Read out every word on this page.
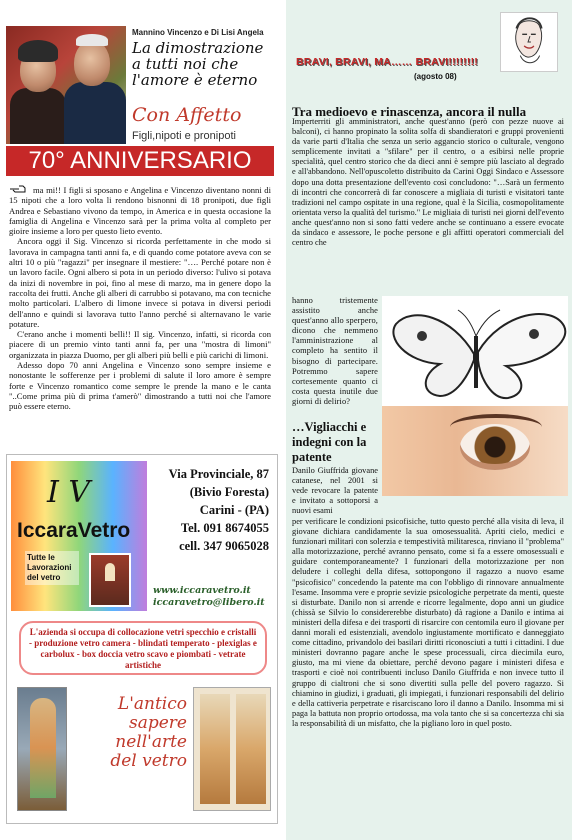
Mannino Vincenzo e Di Lisi Angela
La dimostrazione a tutti noi che l'amore è eterno
Con Affetto
Figli,nipoti e pronipoti
70° ANNIVERSARIO

ma mi!! I figli si sposano e Angelina e Vincenzo diventano nonni di 15 nipoti che a loro volta li rendono bisnonni di 18 pronipoti, due figli Andrea e Sebastiano vivono da tempo, in America e in questa occasione la famiglia di Angelina e Vincenzo sarà per la prima volta al completo per gioire insieme a loro per questo lieto evento.

Ancora oggi il Sig. Vincenzo si ricorda perfettamente in che modo si lavorava in campagna tanti anni fa, e di quando come potatore aveva con se altri 10 o più "ragazzi" per insegnare il mestiere: "…. Perché potare non è un lavoro facile. Ogni albero si pota in un periodo diverso: l'ulivo si potava da inizi di novembre in poi, fino al mese di marzo, ma in genere dopo la raccolta dei frutti. Anche gli alberi di carrubbo si potavano, ma con tecniche molto particolari. L'albero di limone invece si potava in diversi periodi dell'anno e quindi si lavorava tutto l'anno perché si alternavano le varie potature.

C'erano anche i momenti belli!! Il sig. Vincenzo, infatti, si ricorda con piacere di un premio vinto tanti anni fa, per una "mostra di limoni" organizzata in piazza Duomo, per gli alberi più belli e più carichi di limoni.

Adesso dopo 70 anni Angelina e Vincenzo sono sempre insieme e nonostante le sofferenze per i problemi di salute il loro amore è sempre forte e Vincenzo romantico come sempre le prende la mano e le canta "..Come prima più di prima t'amerò" dimostrando a tutti noi che l'amore può essere eterno.

I V
IccaraVetro
Tutte le Lavorazioni del vetro
Via Provinciale, 87
(Bivio Foresta)
Carini - (PA)
Tel. 091 8674055
cell. 347 9065028
www.iccaravetro.it
iccaravetro@libero.it
L'azienda si occupa di collocazione vetri specchio e cristalli - produzione vetro camera - blindati temperato - plexiglas e carbolux - box doccia vetro scavo e piombati - vetrate artistiche
L'antico sapere nell'arte del vetro
BRAVI, BRAVI, MA…… BRAVI!!!!!!!!
(agosto 08)
Tra medioevo e rinascenza, ancora il nulla
Imperterriti gli amministratori, anche quest'anno (però con pezze nuove ai balconi), ci hanno propinato la solita solfa di sbandieratori e gruppi provenienti da varie parti d'Italia che senza un serio aggancio storico o culturale, vengono semplicemente invitati a "sfilare" per il centro, o a esibirsi nelle proprie specialità, quel centro storico che da dieci anni è sempre più lasciato al degrado e all'abbandono. Nell'opuscoletto distribuito da Carini Oggi Sindaco e Assessore dopo una dotta presentazione dell'evento così concludono: "…Sarà un fermento di incontri che concorrerà di far conoscere a migliaia di turisti e visitatori tante tradizioni nel campo ospitate in una regione, qual è la Sicilia, cosmopolitamente orientata verso la qualità del turismo." Le migliaia di turisti nei giorni dell'evento anche quest'anno non si sono fatti vedere anche se continuano a essere evocate da sindaco e assessore, le poche persone e gli affitti operatori commerciali del centro che
hanno tristemente assistito anche quest'anno allo sperpero, dicono che nemmeno l'amministrazione al completo ha sentito il bisogno di partecipare. Potremmo sapere cortesemente quanto ci costa questa inutile due giorni di delirio?
…Vigliacchi e indegni con la patente
Danilo Giuffrida giovane catanese, nel 2001 si vede revocare la patente e invitato a sottoporsi a nuovi esami
per verificare le condizioni psicofisiche, tutto questo perché alla visita di leva, il giovane dichiara candidamente la sua omosessualità. Apriti cielo, medici e funzionari militari con solerzia e tempestività militaresca, rinviano il "problema" alla motorizzazione, perché avranno pensato, come si fa a essere omosessuali e guidare contemporaneamente? I funzionari della motorizzazione per non deludere i colleghi della difesa, sottopongono il ragazzo a nuovo esame "psicofisico" concedendo la patente ma con l'obbligo di rinnovare annualmente l'esame. Insomma vere e proprie sevizie psicologiche perpetrate da menti, queste si disturbate. Danilo non si arrende e ricorre legalmente, dopo anni un giudice (chissà se Silvio lo considererebbe disturbato) dà ragione a Danilo e intima ai ministeri della difesa e dei trasporti di risarcire con centomila euro il giovane per danni morali ed esistenziali, avendolo ingiustamente mortificato e danneggiato come cittadino, privandolo dei basilari diritti riconosciuti a tutti i cittadini. I due ministeri dovranno pagare anche le spese processuali, circa diecimila euro, giusto, ma mi viene da obiettare, perché devono pagare i ministeri difesa e trasporti e cioè noi contribuenti incluso Danilo Giuffrida e non invece tutto il gruppo di cialtroni che si sono divertiti sulla pelle del povero ragazzo. Si chiamino in giudizi, i graduati, gli impiegati, i funzionari responsabili del delirio e della cattiveria perpetrate e risarciscano loro il danno a Danilo. Insomma mi si paga la battuta non proprio ortodossa, ma vola tanto che si sa concertezza chi sia la responsabilità di un misfatto, che la pigliano loro in quel posto.
